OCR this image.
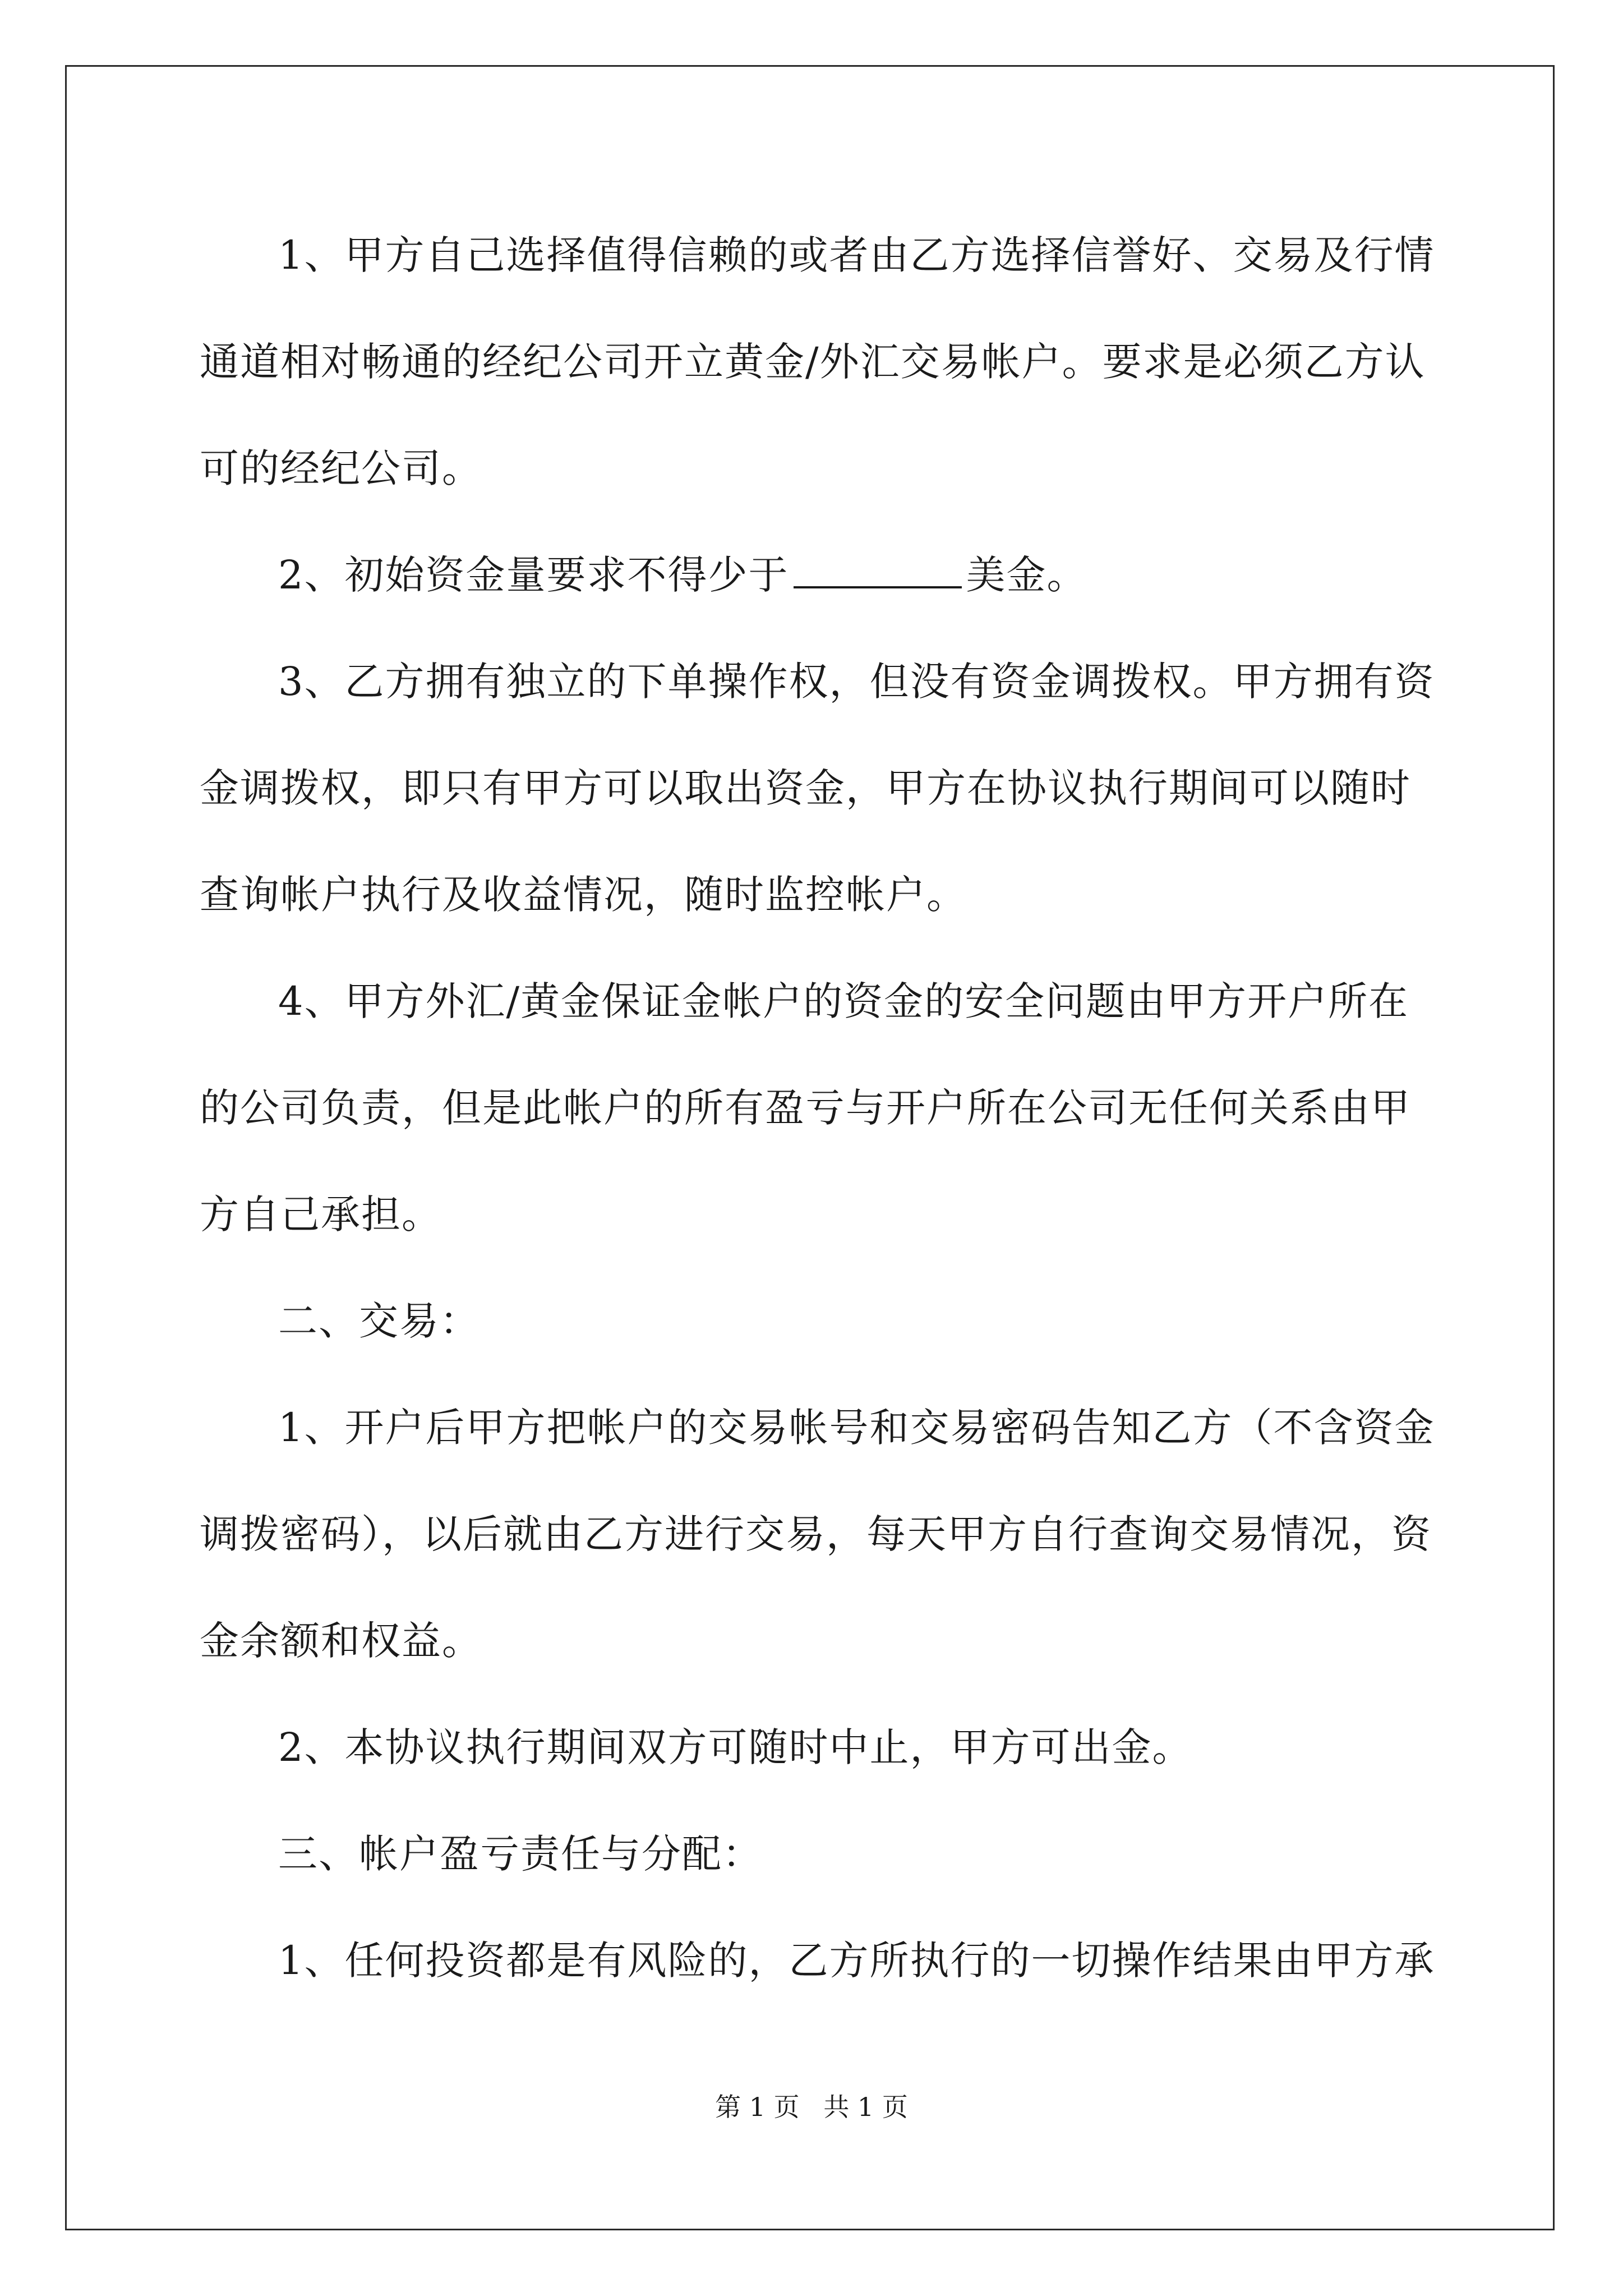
1、甲方自己选择值得信赖的或者由乙方选择信誉好、交易及行情
通道相对畅通的经纪公司开立黄金/外汇交易帐户。要求是必须乙方认
可的经纪公司。
2、初始资金量要求不得少于	美金。
3、乙方拥有独立的下单操作权，但没有资金调拨权。甲方拥有资
金调拨权，即只有甲方可以取出资金，甲方在协议执行期间可以随时
查询帐户执行及收益情况，随时监控帐户。
4、甲方外汇/黄金保证金帐户的资金的安全问题由甲方开户所在
的公司负责，但是此帐户的所有盈亏与开户所在公司无任何关系由甲
方自己承担。
二、交易：
1、开户后甲方把帐户的交易帐号和交易密码告知乙方（不含资金
调拨密码），以后就由乙方进行交易，每天甲方自行查询交易情况，资
金余额和权益。
2、本协议执行期间双方可随时中止，甲方可出金。
三、帐户盈亏责任与分配：
1、任何投资都是有风险的，乙方所执行的一切操作结果由甲方承
第 1 页 共 1 页
